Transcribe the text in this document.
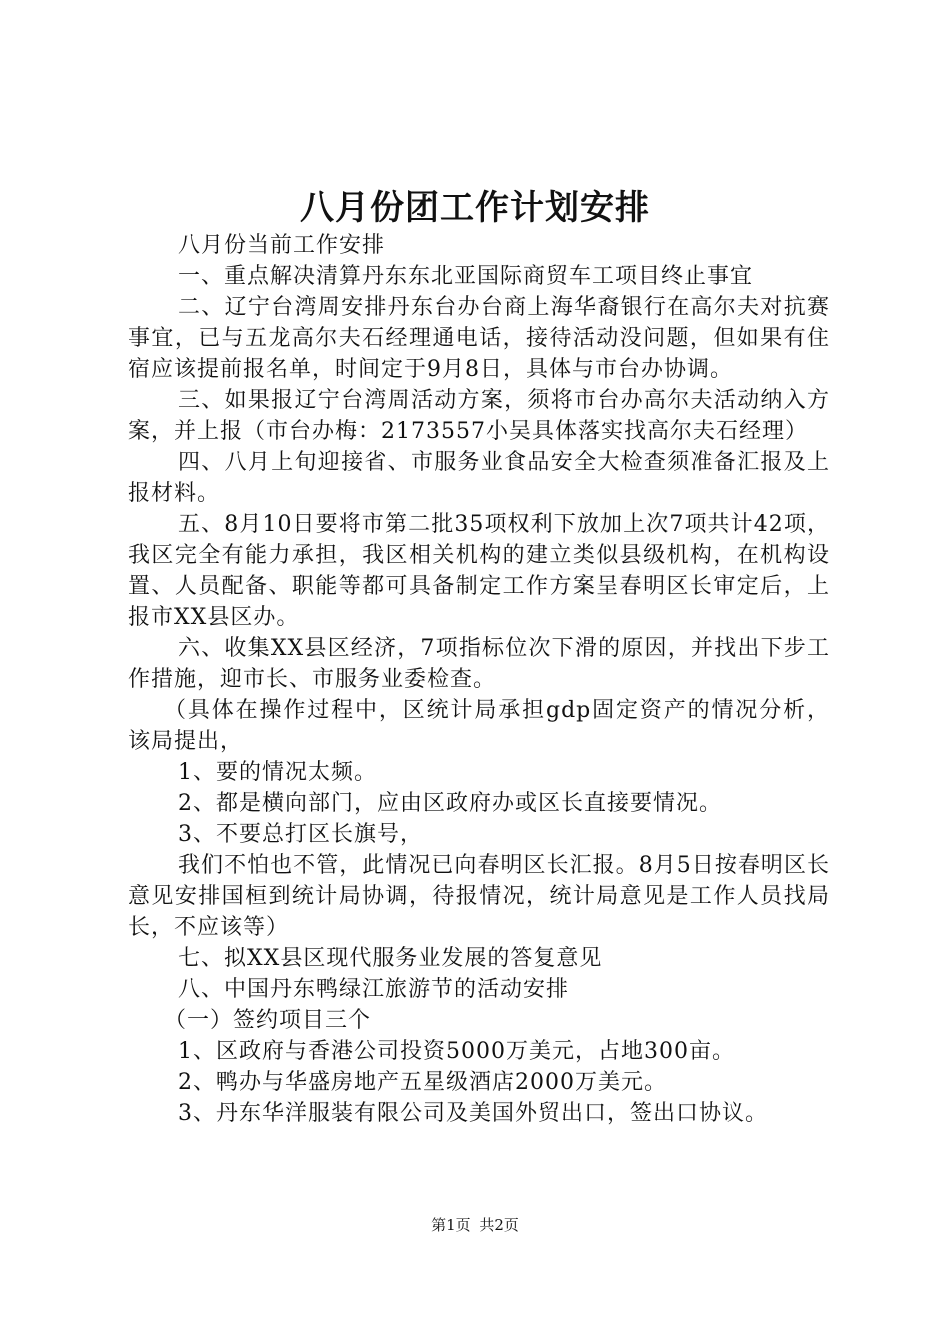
八月份团工作计划安排

八月份当前工作安排

一、重点解决清算丹东东北亚国际商贸车工项目终止事宜

二、辽宁台湾周安排丹东台办台商上海华裔银行在高尔夫对抗赛事宜，已与五龙高尔夫石经理通电话，接待活动没问题，但如果有住宿应该提前报名单，时间定于9月8日，具体与市台办协调。

三、如果报辽宁台湾周活动方案，须将市台办高尔夫活动纳入方案，并上报（市台办梅：2173557小吴具体落实找高尔夫石经理）

四、八月上旬迎接省、市服务业食品安全大检查须准备汇报及上报材料。

五、8月10日要将市第二批35项权利下放加上次7项共计42项，我区完全有能力承担，我区相关机构的建立类似县级机构，在机构设置、人员配备、职能等都可具备制定工作方案呈春明区长审定后，上报市XX县区办。

六、收集XX县区经济，7项指标位次下滑的原因，并找出下步工作措施，迎市长、市服务业委检查。

（具体在操作过程中，区统计局承担gdp固定资产的情况分析，该局提出，

1、要的情况太频。

2、都是横向部门，应由区政府办或区长直接要情况。

3、不要总打区长旗号，

我们不怕也不管，此情况已向春明区长汇报。8月5日按春明区长意见安排国桓到统计局协调，待报情况，统计局意见是工作人员找局长，不应该等）

七、拟XX县区现代服务业发展的答复意见

八、中国丹东鸭绿江旅游节的活动安排

（一）签约项目三个

1、区政府与香港公司投资5000万美元，占地300亩。

2、鸭办与华盛房地产五星级酒店2000万美元。

3、丹东华洋服装有限公司及美国外贸出口，签出口协议。

第1页 共2页
